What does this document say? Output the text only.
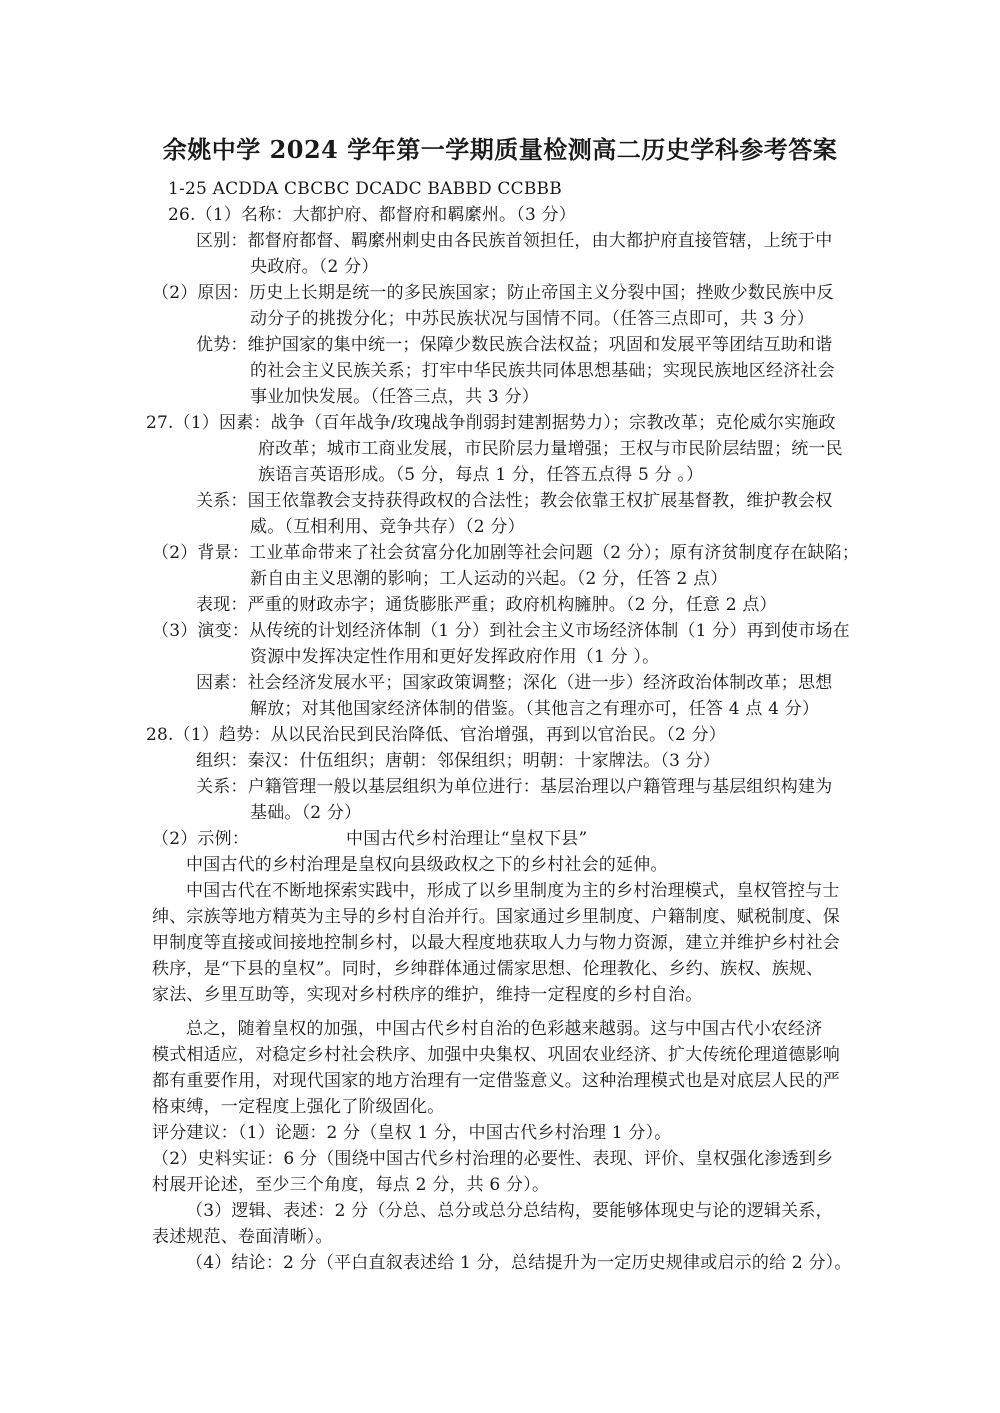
余姚中学 2024 学年第一学期质量检测高二历史学科参考答案
1-25 ACDDA CBCBC DCADC BABBD CCBBB
26.（1）名称：大都护府、都督府和羁縻州。（3 分）
区别：都督府都督、羁縻州刺史由各民族首领担任，由大都护府直接管辖，上统于中
央政府。（2 分）
（2）原因：历史上长期是统一的多民族国家；防止帝国主义分裂中国；挫败少数民族中反
动分子的挑拨分化；中苏民族状况与国情不同。（任答三点即可，共 3 分）
优势：维护国家的集中统一；保障少数民族合法权益；巩固和发展平等团结互助和谐
的社会主义民族关系；打牢中华民族共同体思想基础；实现民族地区经济社会
事业加快发展。（任答三点，共 3 分）
27.（1）因素：战争（百年战争/玫瑰战争削弱封建割据势力）；宗教改革；克伦威尔实施政
府改革；城市工商业发展，市民阶层力量增强；王权与市民阶层结盟；统一民
族语言英语形成。（5 分，每点 1 分，任答五点得 5 分 。）
关系：国王依靠教会支持获得政权的合法性；教会依靠王权扩展基督教，维护教会权
威。（互相利用、竞争共存）（2 分）
（2）背景：工业革命带来了社会贫富分化加剧等社会问题（2 分）；原有济贫制度存在缺陷；
新自由主义思潮的影响；工人运动的兴起。（2 分，任答 2 点）
表现：严重的财政赤字；通货膨胀严重；政府机构臃肿。（2 分，任意 2 点）
（3）演变：从传统的计划经济体制（1 分）到社会主义市场经济体制（1 分）再到使市场在
资源中发挥决定性作用和更好发挥政府作用（1 分 ）。
因素：社会经济发展水平；国家政策调整；深化（进一步）经济政治体制改革；思想
解放；对其他国家经济体制的借鉴。（其他言之有理亦可，任答 4 点 4 分）
28.（1）趋势：从以民治民到民治降低、官治增强，再到以官治民。（2 分）
组织：秦汉：什伍组织；唐朝：邻保组织；明朝：十家牌法。（3 分）
关系：户籍管理一般以基层组织为单位进行：基层治理以户籍管理与基层组织构建为
基础。（2 分）
（2）示例：	中国古代乡村治理让“皇权下县”
中国古代的乡村治理是皇权向县级政权之下的乡村社会的延伸。
中国古代在不断地探索实践中，形成了以乡里制度为主的乡村治理模式，皇权管控与士
绅、宗族等地方精英为主导的乡村自治并行。国家通过乡里制度、户籍制度、赋税制度、保
甲制度等直接或间接地控制乡村，以最大程度地获取人力与物力资源，建立并维护乡村社会
秩序，是“下县的皇权”。同时，乡绅群体通过儒家思想、伦理教化、乡约、族权、族规、
家法、乡里互助等，实现对乡村秩序的维护，维持一定程度的乡村自治。
总之，随着皇权的加强，中国古代乡村自治的色彩越来越弱。这与中国古代小农经济
模式相适应，对稳定乡村社会秩序、加强中央集权、巩固农业经济、扩大传统伦理道德影响
都有重要作用，对现代国家的地方治理有一定借鉴意义。这种治理模式也是对底层人民的严
格束缚，一定程度上强化了阶级固化。
评分建议：（1）论题：2 分（皇权 1 分，中国古代乡村治理 1 分）。
（2）史料实证：6 分（围绕中国古代乡村治理的必要性、表现、评价、皇权强化渗透到乡
村展开论述，至少三个角度，每点 2 分，共 6 分）。
（3）逻辑、表述：2 分（分总、总分或总分总结构，要能够体现史与论的逻辑关系，
表述规范、卷面清晰）。
（4）结论：2 分（平白直叙表述给 1 分，总结提升为一定历史规律或启示的给 2 分）。
